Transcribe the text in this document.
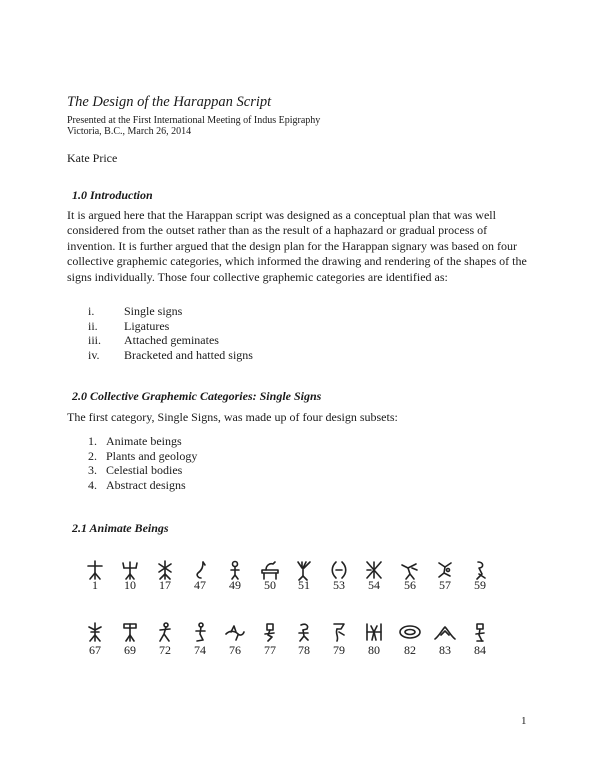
The Design of the Harappan Script
Presented at the First International Meeting of Indus Epigraphy
Victoria, B.C., March 26, 2014
Kate Price
1.0 Introduction
It is argued here that the Harappan script was designed as a conceptual plan that was well
considered from the outset rather than as the result of a haphazard or gradual process of
invention. It is further argued that the design plan for the Harappan signary was based on four
collective graphemic categories, which informed the drawing and rendering of the shapes of the
signs individually. Those four collective graphemic categories are identified as:
i.	Single signs
ii.	Ligatures
iii.	Attached geminates
iv.	Bracketed and hatted signs
2.0 Collective Graphemic Categories: Single Signs
The first category, Single Signs, was made up of four design subsets:
1. Animate beings
2. Plants and geology
3. Celestial bodies
4. Abstract designs
2.1 Animate Beings
1	10	17	47	49	50	51	53	54	56	57	59
67	69	72	74	76	77	78	79	80	82	83	84
1
